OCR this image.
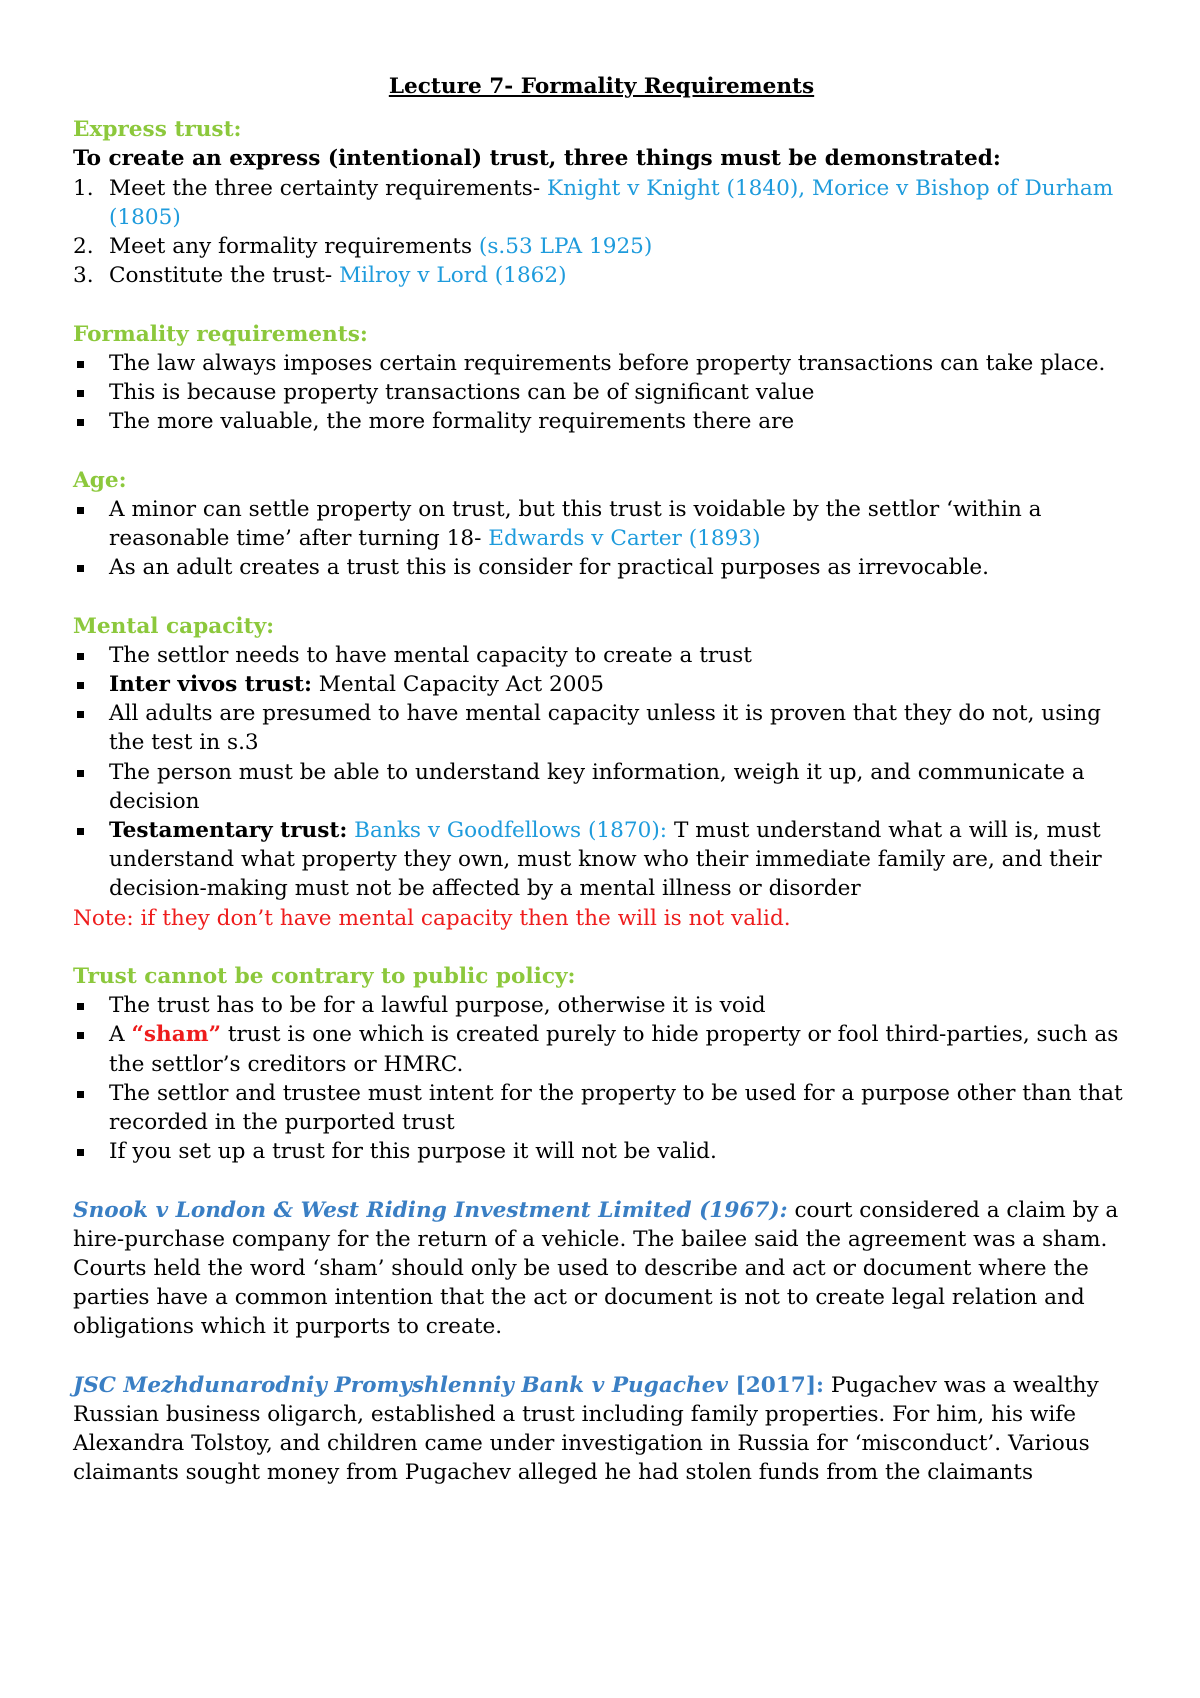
Lecture 7- Formality Requirements

Express trust:

To create an express (intentional) trust, three things must be demonstrated:

1. Meet the three certainty requirements- Knight v Knight (1840), Morice v Bishop of Durham (1805)
2. Meet any formality requirements (s.53 LPA 1925)
3. Constitute the trust- Milroy v Lord (1862)

Formality requirements:

The law always imposes certain requirements before property transactions can take place.
This is because property transactions can be of significant value
The more valuable, the more formality requirements there are

Age:

A minor can settle property on trust, but this trust is voidable by the settlor ‘within a reasonable time’ after turning 18- Edwards v Carter (1893)
As an adult creates a trust this is consider for practical purposes as irrevocable.

Mental capacity:

The settlor needs to have mental capacity to create a trust
Inter vivos trust: Mental Capacity Act 2005
All adults are presumed to have mental capacity unless it is proven that they do not, using the test in s.3
The person must be able to understand key information, weigh it up, and communicate a decision
Testamentary trust: Banks v Goodfellows (1870): T must understand what a will is, must understand what property they own, must know who their immediate family are, and their decision-making must not be affected by a mental illness or disorder

Note: if they don’t have mental capacity then the will is not valid.

Trust cannot be contrary to public policy:

The trust has to be for a lawful purpose, otherwise it is void
A “sham” trust is one which is created purely to hide property or fool third-parties, such as the settlor’s creditors or HMRC.
The settlor and trustee must intent for the property to be used for a purpose other than that recorded in the purported trust
If you set up a trust for this purpose it will not be valid.

Snook v London & West Riding Investment Limited (1967): court considered a claim by a hire-purchase company for the return of a vehicle. The bailee said the agreement was a sham. Courts held the word ‘sham’ should only be used to describe and act or document where the parties have a common intention that the act or document is not to create legal relation and obligations which it purports to create.

JSC Mezhdunarodniy Promyshlenniy Bank v Pugachev [2017]: Pugachev was a wealthy Russian business oligarch, established a trust including family properties. For him, his wife Alexandra Tolstoy, and children came under investigation in Russia for ‘misconduct’. Various claimants sought money from Pugachev alleged he had stolen funds from the claimants
